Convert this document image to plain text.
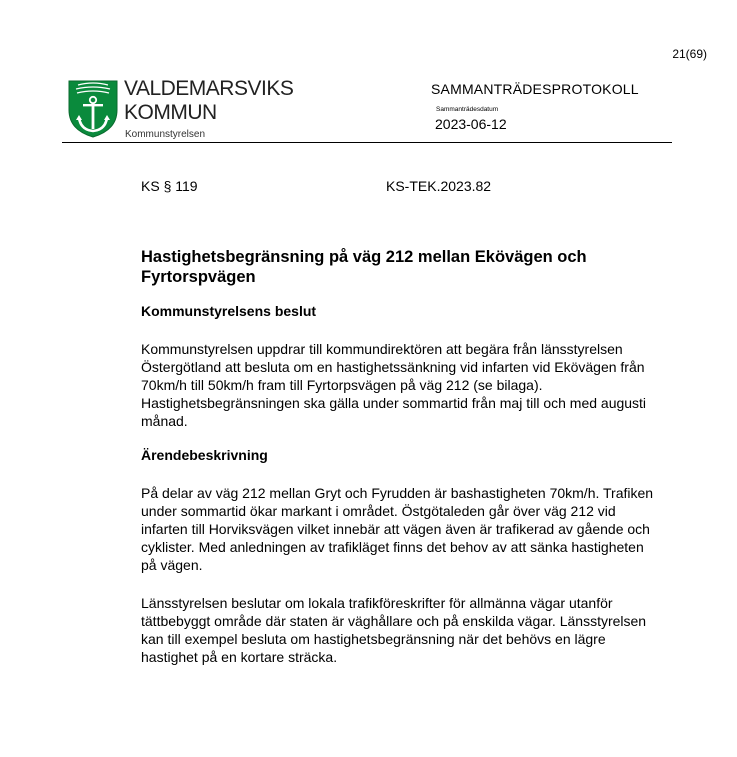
21(69)
VALDEMARSVIKS
KOMMUN
Kommunstyrelsen
SAMMANTRÄDESPROTOKOLL
Sammanträdesdatum
2023-06-12
KS § 119	KS-TEK.2023.82

Hastighetsbegränsning på väg 212 mellan Ekövägen och Fyrtorspvägen

Kommunstyrelsens beslut

Kommunstyrelsen uppdrar till kommundirektören att begära från länsstyrelsen Östergötland att besluta om en hastighetssänkning vid infarten vid Ekövägen från 70km/h till 50km/h fram till Fyrtorpsvägen på väg 212 (se bilaga). Hastighetsbegränsningen ska gälla under sommartid från maj till och med augusti månad.

Ärendebeskrivning

På delar av väg 212 mellan Gryt och Fyrudden är bashastigheten 70km/h. Trafiken under sommartid ökar markant i området. Östgötaleden går över väg 212 vid infarten till Horviksvägen vilket innebär att vägen även är trafikerad av gående och cyklister. Med anledningen av trafikläget finns det behov av att sänka hastigheten på vägen.

Länsstyrelsen beslutar om lokala trafikföreskrifter för allmänna vägar utanför tättbebyggt område där staten är väghållare och på enskilda vägar. Länsstyrelsen kan till exempel besluta om hastighetsbegränsning när det behövs en lägre hastighet på en kortare sträcka.
